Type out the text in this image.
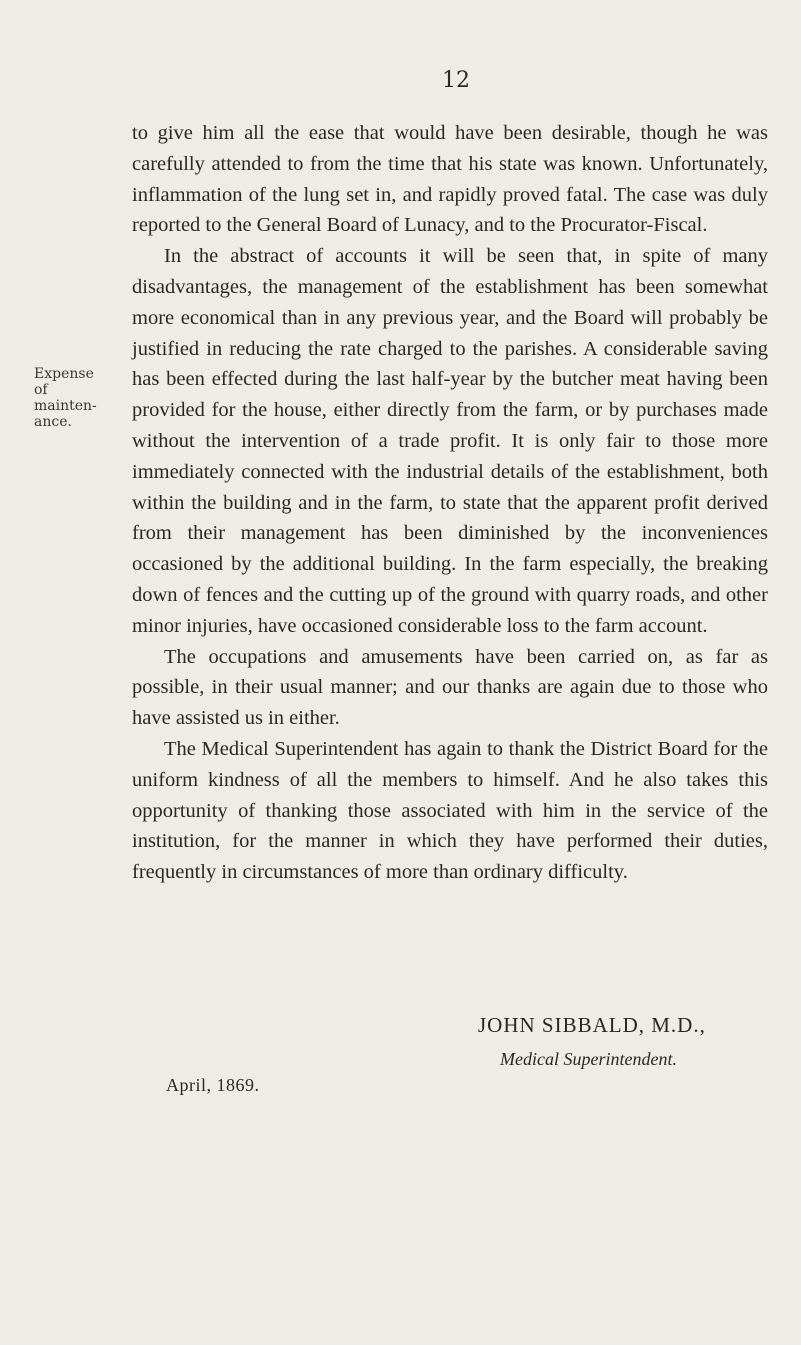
12
Expense of mainten-ance.

to give him all the ease that would have been desirable, though he was carefully attended to from the time that his state was known. Unfortunately, inflammation of the lung set in, and rapidly proved fatal. The case was duly reported to the General Board of Lunacy, and to the Procurator-Fiscal.

In the abstract of accounts it will be seen that, in spite of many disadvantages, the management of the establishment has been somewhat more economical than in any previous year, and the Board will probably be justified in reducing the rate charged to the parishes. A considerable saving has been effected during the last half-year by the butcher meat having been provided for the house, either directly from the farm, or by purchases made without the intervention of a trade profit. It is only fair to those more immediately connected with the industrial details of the establishment, both within the building and in the farm, to state that the apparent profit derived from their management has been diminished by the inconveniences occasioned by the additional building. In the farm especially, the breaking down of fences and the cutting up of the ground with quarry roads, and other minor injuries, have occasioned considerable loss to the farm account.

The occupations and amusements have been carried on, as far as possible, in their usual manner; and our thanks are again due to those who have assisted us in either.

The Medical Superintendent has again to thank the District Board for the uniform kindness of all the members to himself. And he also takes this opportunity of thanking those associated with him in the service of the institution, for the manner in which they have performed their duties, frequently in circumstances of more than ordinary difficulty.

JOHN SIBBALD, M.D.,
Medical Superintendent.
April, 1869.
